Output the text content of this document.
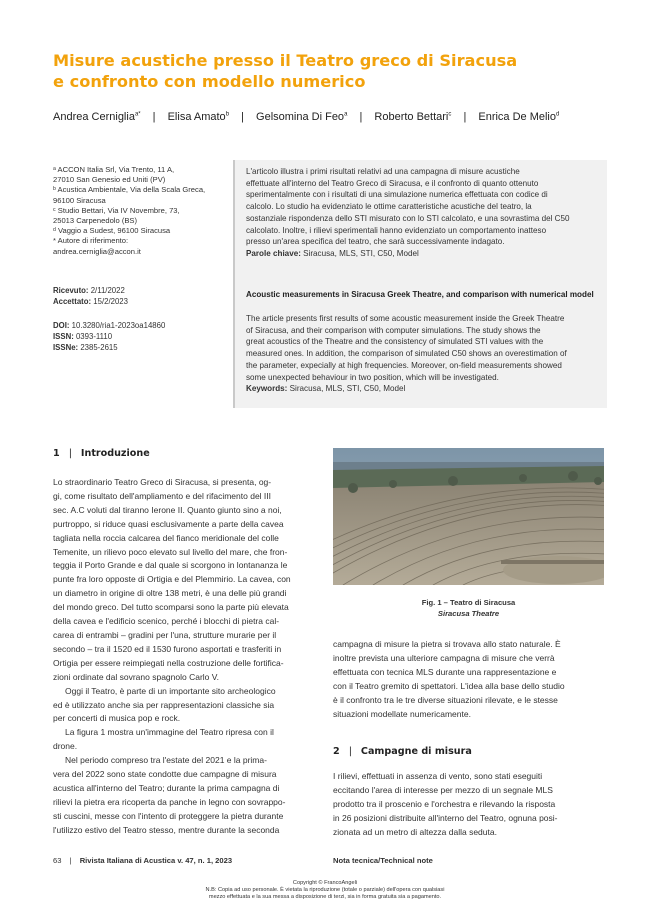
Misure acustiche presso il Teatro greco di Siracusa
e confronto con modello numerico
Andrea Cerniglia$^{a*}$ | Elisa Amato$^b$ | Gelsomina Di Feo$^a$ | Roberto Bettari$^c$ | Enrica De Melio$^d$
ᵃ ACCON Italia Srl, Via Trento, 11 A,
27010 San Genesio ed Uniti (PV)
ᵇ Acustica Ambientale, Via della Scala Greca,
96100 Siracusa
ᶜ Studio Bettari, Via IV Novembre, 73,
25013 Carpenedolo (BS)
ᵈ Vaggio a Sudest, 96100 Siracusa
* Autore di riferimento:
andrea.cerniglia@accon.it
Ricevuto: 2/11/2022
Accettato: 15/2/2023
DOI: 10.3280/ria1-2023oa14860
ISSN: 0393-1110
ISSNe: 2385-2615
L'articolo illustra i primi risultati relativi ad una campagna di misure acustiche
effettuate all'interno del Teatro Greco di Siracusa, e il confronto di quanto ottenuto
sperimentalmente con i risultati di una simulazione numerica effettuata con codice di
calcolo. Lo studio ha evidenziato le ottime caratteristiche acustiche del teatro, la
sostanziale rispondenza dello STI misurato con lo STI calcolato, e una sovrastima del C50
calcolato. Inoltre, i rilievi sperimentali hanno evidenziato un comportamento inatteso
presso un'area specifica del teatro, che sarà successivamente indagato.
Parole chiave: Siracusa, MLS, STI, C50, Model
Acoustic measurements in Siracusa Greek Theatre, and comparison with numerical model
The article presents first results of some acoustic measurement inside the Greek Theatre
of Siracusa, and their comparison with computer simulations. The study shows the
great acoustics of the Theatre and the consistency of simulated STI values with the
measured ones. In addition, the comparison of simulated C50 shows an overestimation of
the parameter, expecially at high frequencies. Moreover, on-field measurements showed
some unexpected behaviour in two position, which will be investigated.
Keywords: Siracusa, MLS, STI, C50, Model
1 | Introduzione
Lo straordinario Teatro Greco di Siracusa, si presenta, og-
gi, come risultato dell'ampliamento e del rifacimento del III
sec. A.C voluti dal tiranno Ierone II. Quanto giunto sino a noi,
purtroppo, si riduce quasi esclusivamente a parte della cavea
tagliata nella roccia calcarea del fianco meridionale del colle
Temenite, un rilievo poco elevato sul livello del mare, che fron-
teggia il Porto Grande e dal quale si scorgono in lontananza le
punte fra loro opposte di Ortigia e del Plemmirio. La cavea, con
un diametro in origine di oltre 138 metri, è una delle più grandi
del mondo greco. Del tutto scomparsi sono la parte più elevata
della cavea e l'edificio scenico, perché i blocchi di pietra cal-
carea di entrambi – gradini per l'una, strutture murarie per il
secondo – tra il 1520 ed il 1530 furono asportati e trasferiti in
Ortigia per essere reimpiegati nella costruzione delle fortifica-
zioni ordinate dal sovrano spagnolo Carlo V.
Oggi il Teatro, è parte di un importante sito archeologico
ed è utilizzato anche sia per rappresentazioni classiche sia
per concerti di musica pop e rock.
La figura 1 mostra un'immagine del Teatro ripresa con il
drone.
Nel periodo compreso tra l'estate del 2021 e la prima-
vera del 2022 sono state condotte due campagne di misura
acustica all'interno del Teatro; durante la prima campagna di
rilievi la pietra era ricoperta da panche in legno con sovrappo-
sti cuscini, messe con l'intento di proteggere la pietra durante
l'utilizzo estivo del Teatro stesso, mentre durante la seconda
Fig. 1 – Teatro di Siracusa
Siracusa Theatre
campagna di misure la pietra si trovava allo stato naturale. È
inoltre prevista una ulteriore campagna di misure che verrà
effettuata con tecnica MLS durante una rappresentazione e
con il Teatro gremito di spettatori. L'idea alla base dello studio
è il confronto tra le tre diverse situazioni rilevate, e le stesse
situazioni modellate numericamente.
2 | Campagne di misura
I rilievi, effettuati in assenza di vento, sono stati eseguiti
eccitando l'area di interesse per mezzo di un segnale MLS
prodotto tra il proscenio e l'orchestra e rilevando la risposta
in 26 posizioni distribuite all'interno del Teatro, ognuna posi-
zionata ad un metro di altezza dalla seduta.
63 | Rivista Italiana di Acustica v. 47, n. 1, 2023	Nota tecnica/Technical note
Copyright © FrancoAngeli
N.B: Copia ad uso personale. È vietata la riproduzione (totale o parziale) dell'opera con qualsiasi
mezzo effettuata e la sua messa a disposizione di terzi, sia in forma gratuita sia a pagamento.
